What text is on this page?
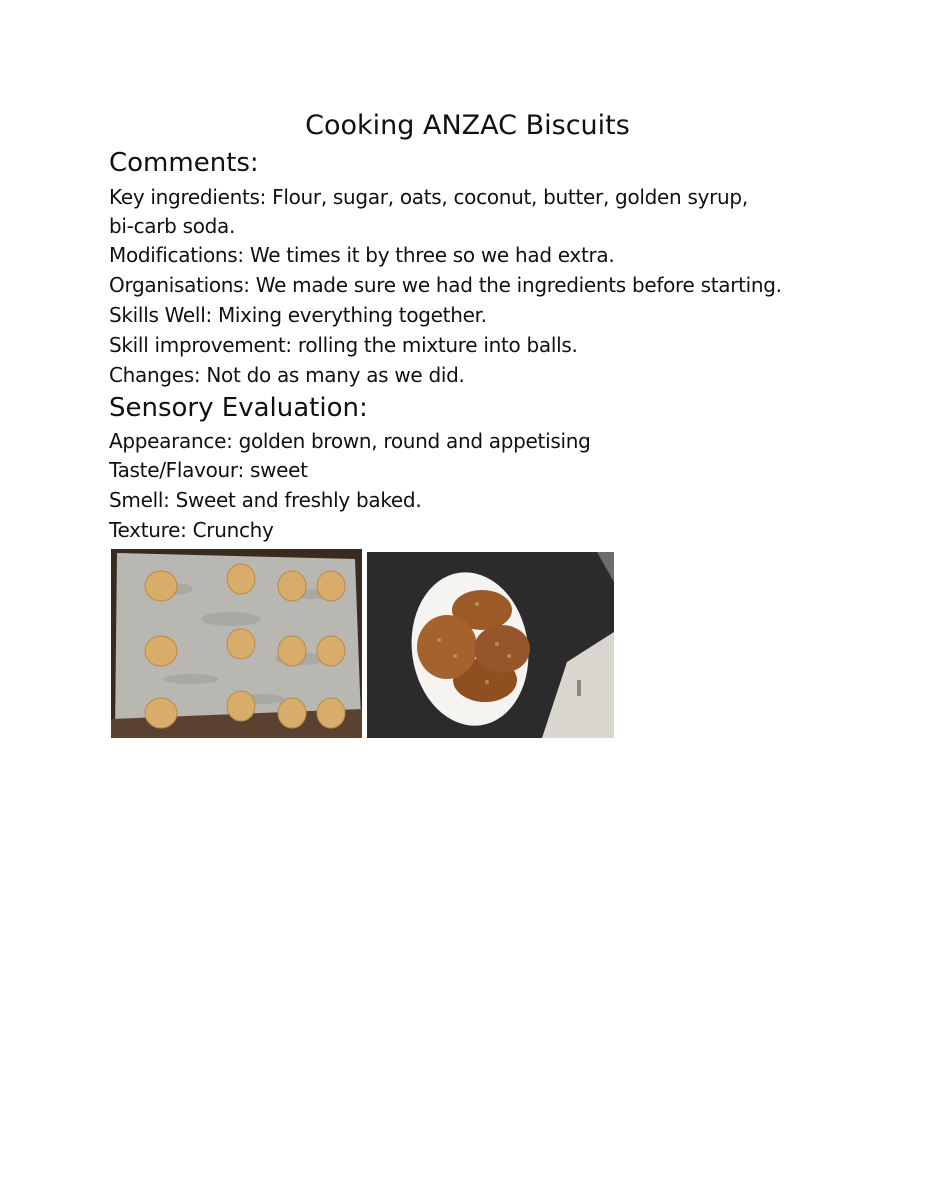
Cooking ANZAC Biscuits
Comments:
Key ingredients: Flour, sugar, oats, coconut, butter, golden syrup,
bi-carb soda.
Modifications: We times it by three so we had extra.
Organisations: We made sure we had the ingredients before starting.
Skills Well: Mixing everything together.
Skill improvement: rolling the mixture into balls.
Changes: Not do as many as we did.
Sensory Evaluation:
Appearance: golden brown, round and appetising
Taste/Flavour: sweet
Smell: Sweet and freshly baked.
Texture: Crunchy
